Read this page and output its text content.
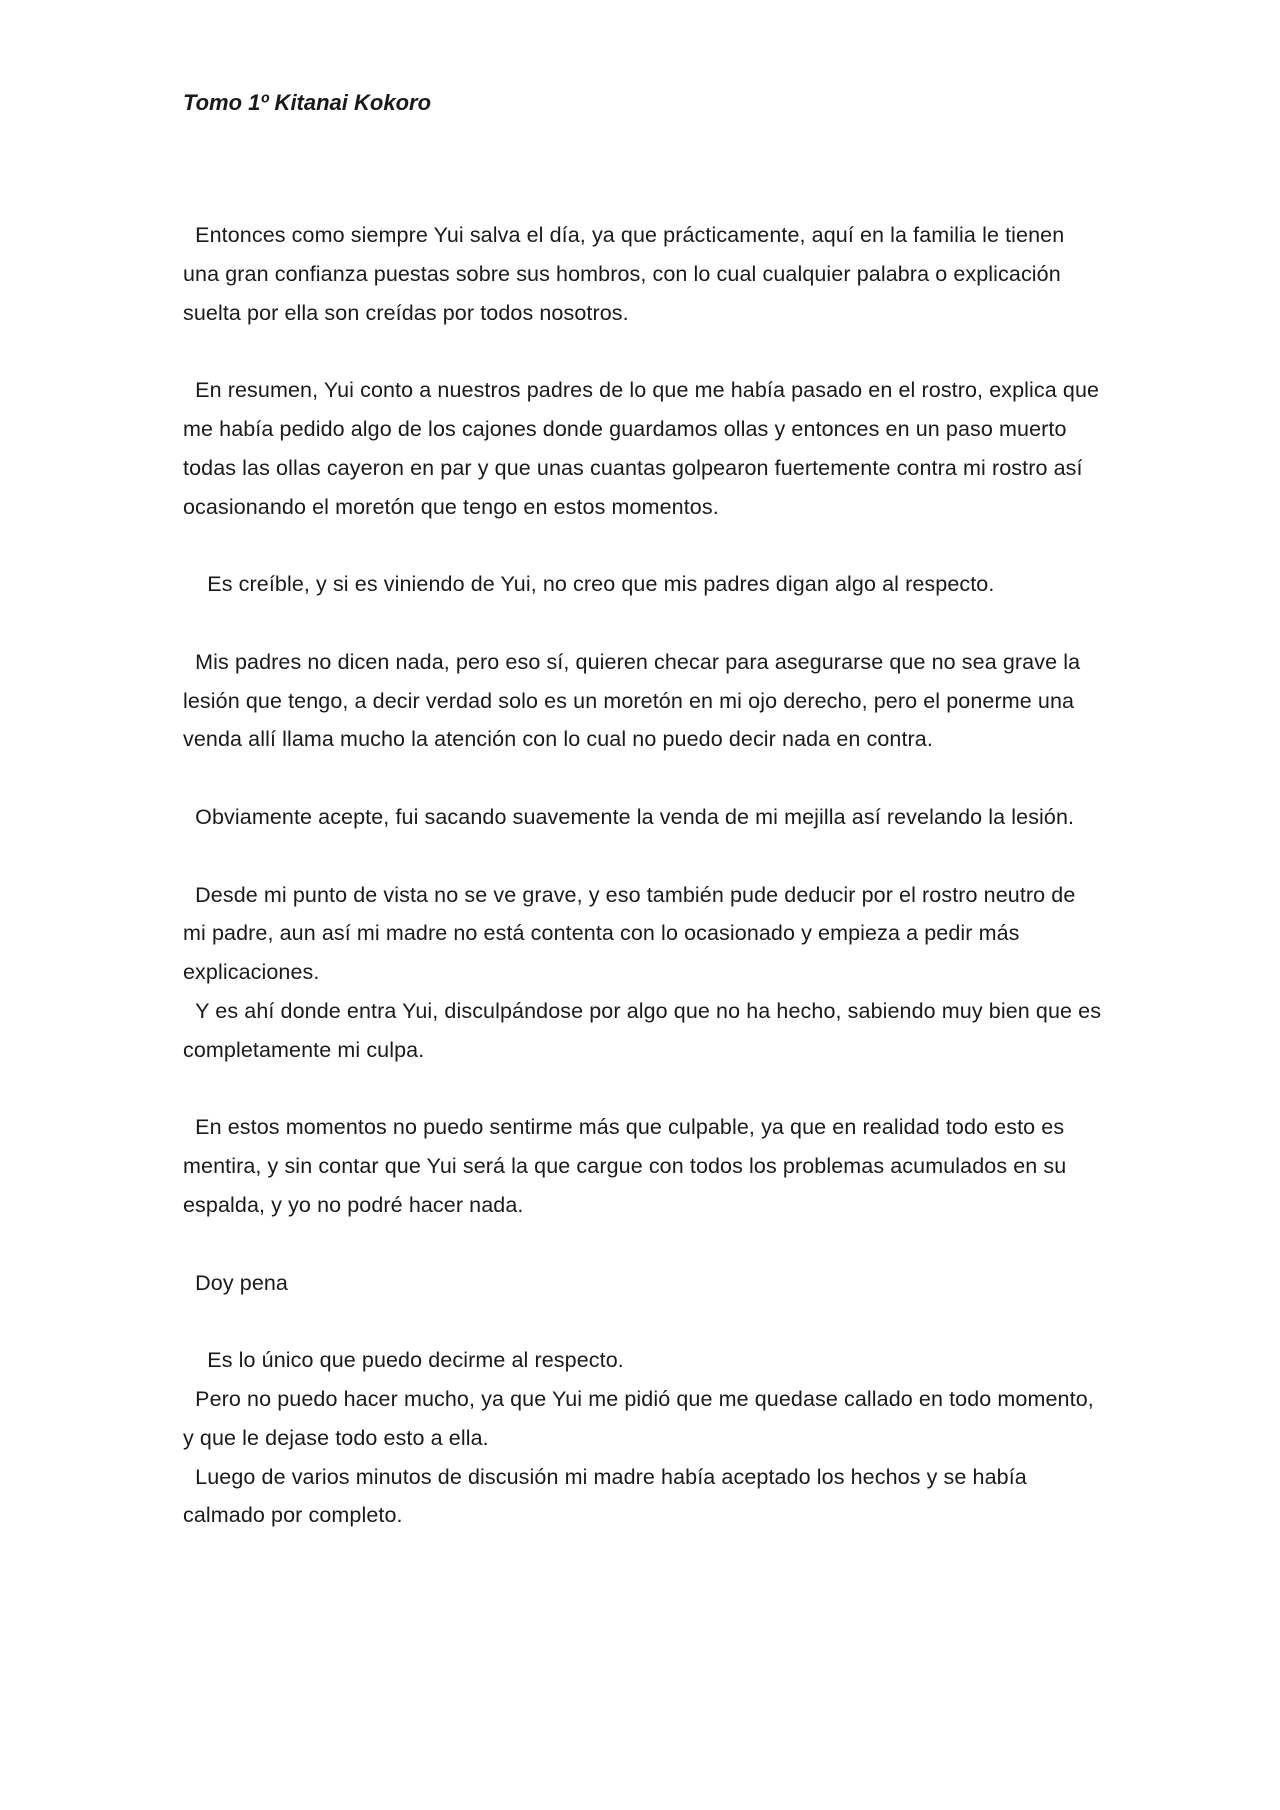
Tomo 1º Kitanai Kokoro

Entonces como siempre Yui salva el día, ya que prácticamente, aquí en la familia le tienen una gran confianza puestas sobre sus hombros, con lo cual cualquier palabra o explicación suelta por ella son creídas por todos nosotros.

En resumen, Yui conto a nuestros padres de lo que me había pasado en el rostro, explica que me había pedido algo de los cajones donde guardamos ollas y entonces en un paso muerto todas las ollas cayeron en par y que unas cuantas golpearon fuertemente contra mi rostro así ocasionando el moretón que tengo en estos momentos.

Es creíble, y si es viniendo de Yui, no creo que mis padres digan algo al respecto.

Mis padres no dicen nada, pero eso sí, quieren checar para asegurarse que no sea grave la lesión que tengo, a decir verdad solo es un moretón en mi ojo derecho, pero el ponerme una venda allí llama mucho la atención con lo cual no puedo decir nada en contra.

Obviamente acepte, fui sacando suavemente la venda de mi mejilla así revelando la lesión.

Desde mi punto de vista no se ve grave, y eso también pude deducir por el rostro neutro de mi padre, aun así mi madre no está contenta con lo ocasionado y empieza a pedir más explicaciones.

Y es ahí donde entra Yui, disculpándose por algo que no ha hecho, sabiendo muy bien que es completamente mi culpa.

En estos momentos no puedo sentirme más que culpable, ya que en realidad todo esto es mentira, y sin contar que Yui será la que cargue con todos los problemas acumulados en su espalda, y yo no podré hacer nada.

Doy pena

Es lo único que puedo decirme al respecto.

Pero no puedo hacer mucho, ya que Yui me pidió que me quedase callado en todo momento, y que le dejase todo esto a ella.

Luego de varios minutos de discusión mi madre había aceptado los hechos y se había calmado por completo.
